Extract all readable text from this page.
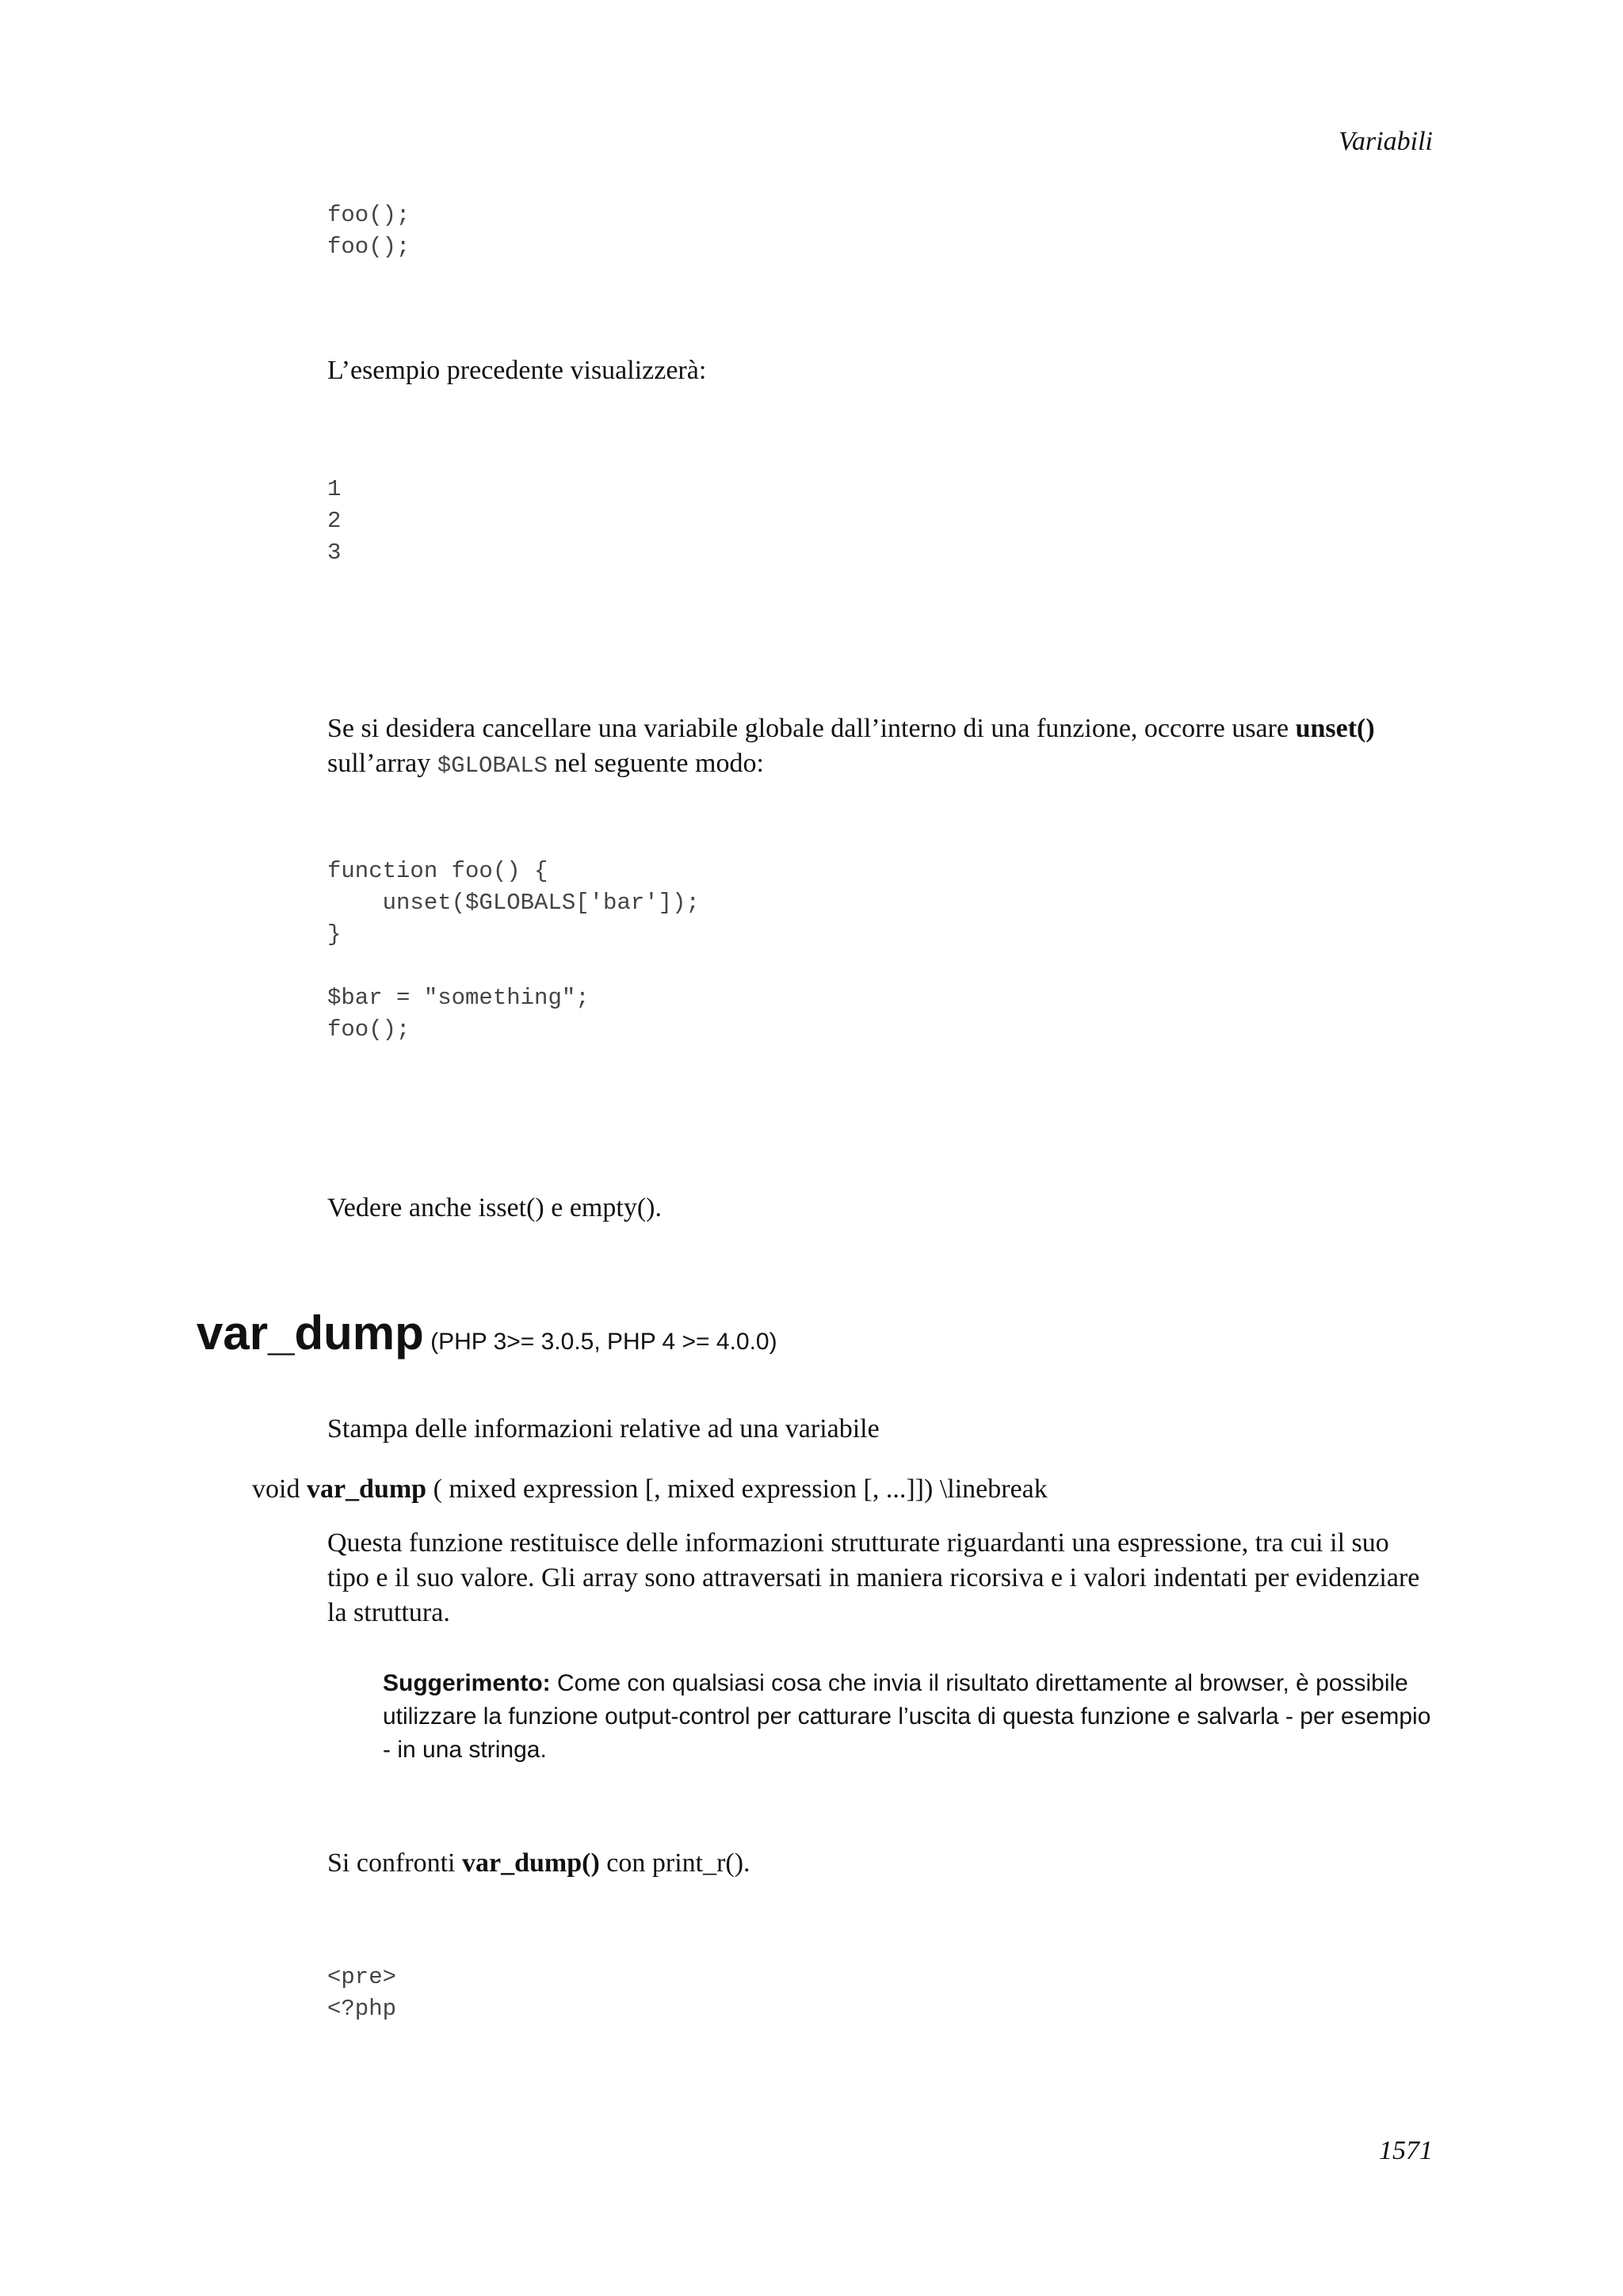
Variabili
foo();
foo();

L’esempio precedente visualizzerà:

1
2
3

Se si desidera cancellare una variabile globale dall’interno di una funzione, occorre usare unset()
sull’array $GLOBALS nel seguente modo:

function foo() {
unset($GLOBALS['bar']);
}

$bar = "something";
foo();

Vedere anche isset() e empty().

var_dump (PHP 3>= 3.0.5, PHP 4 >= 4.0.0)

Stampa delle informazioni relative ad una variabile

void var_dump ( mixed expression [, mixed expression [, ...]]) \linebreak

Questa funzione restituisce delle informazioni strutturate riguardanti una espressione, tra cui il suo tipo e il suo valore. Gli array sono attraversati in maniera ricorsiva e i valori indentati per evidenziare la struttura.

Suggerimento: Come con qualsiasi cosa che invia il risultato direttamente al browser, è possibile utilizzare la funzione output-control per catturare l’uscita di questa funzione e salvarla - per esempio - in una stringa.

Si confronti var_dump() con print_r().

<pre>
<?php
1571
